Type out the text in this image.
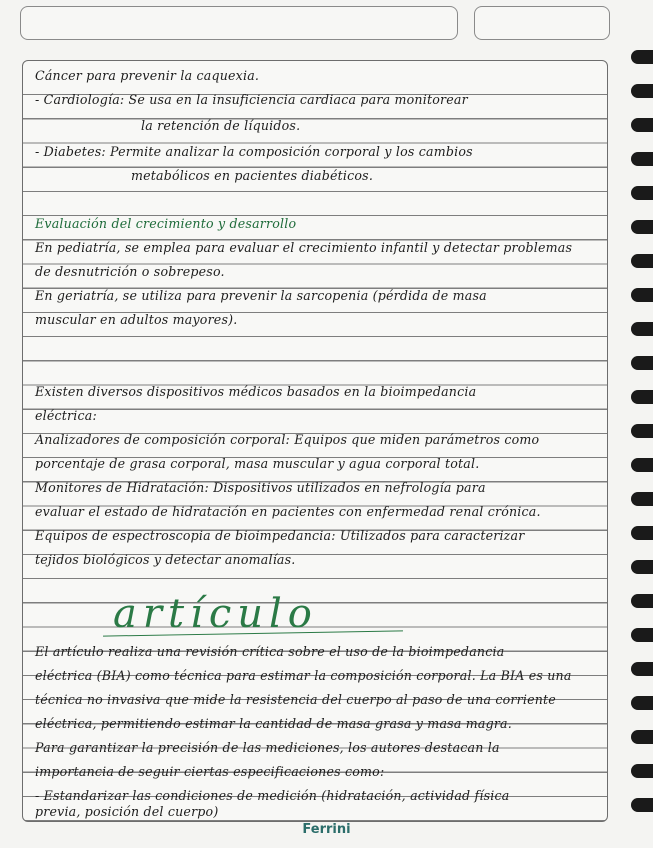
Cáncer para prevenir la caquexia.
- Cardiología: Se usa en la insuficiencia cardiaca para monitorear
la retención de líquidos.
- Diabetes: Permite analizar la composición corporal y los cambios
metabólicos en pacientes diabéticos.
Evaluación del crecimiento y desarrollo
En pediatría, se emplea para evaluar el crecimiento infantil y detectar problemas
de desnutrición o sobrepeso.
En geriatría, se utiliza para prevenir la sarcopenia (pérdida de masa
muscular en adultos mayores).
Existen diversos dispositivos médicos basados en la bioimpedancia
eléctrica:
Analizadores de composición corporal: Equipos que miden parámetros como
porcentaje de grasa corporal, masa muscular y agua corporal total.
Monitores de Hidratación: Dispositivos utilizados en nefrología para
evaluar el estado de hidratación en pacientes con enfermedad renal crónica.
Equipos de espectroscopia de bioimpedancia: Utilizados para caracterizar
tejidos biológicos y detectar anomalías.
artículo
El artículo realiza una revisión crítica sobre el uso de la bioimpedancia
eléctrica (BIA) como técnica para estimar la composición corporal. La BIA es una
técnica no invasiva que mide la resistencia del cuerpo al paso de una corriente
eléctrica, permitiendo estimar la cantidad de masa grasa y masa magra.
Para garantizar la precisión de las mediciones, los autores destacan la
importancia de seguir ciertas especificaciones como:
- Estandarizar las condiciones de medición (hidratación, actividad física
previa, posición del cuerpo)
Ferrini
